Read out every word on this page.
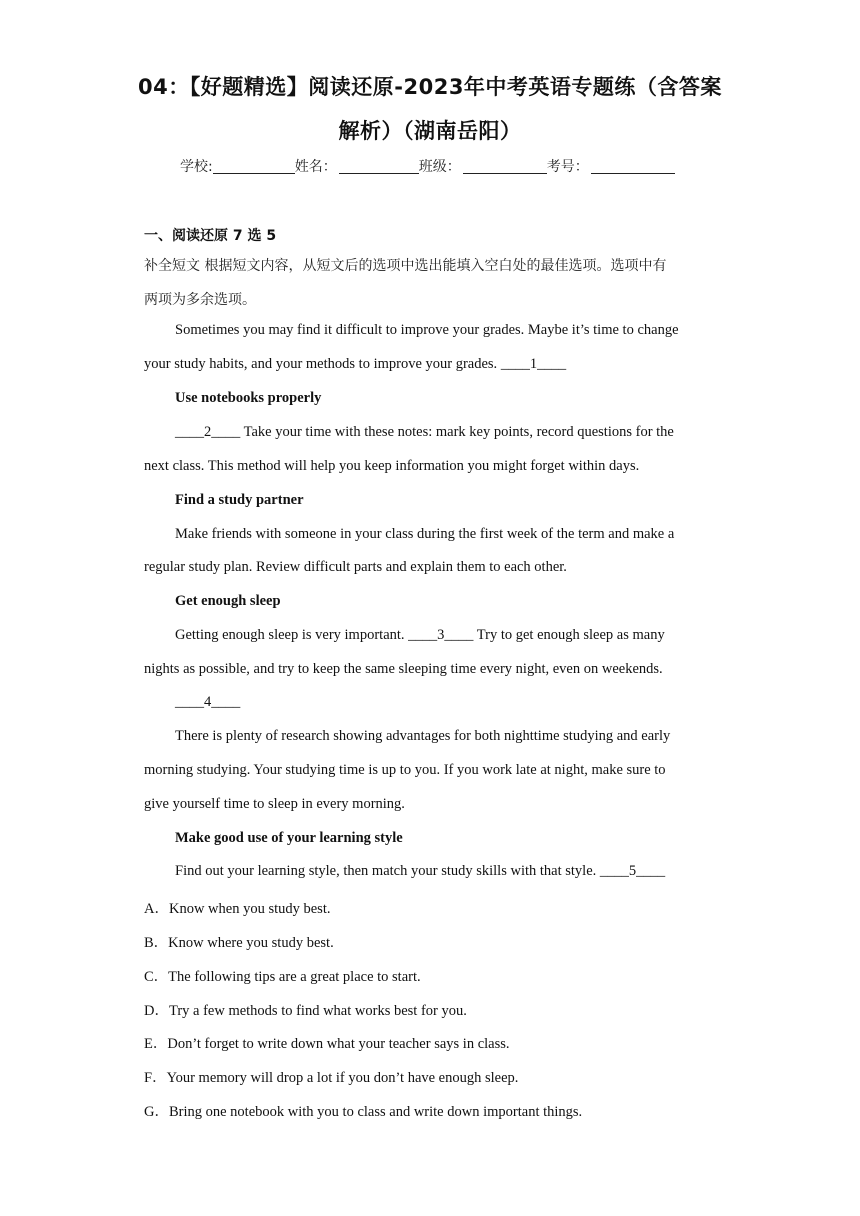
04：【好题精选】阅读还原-2023年中考英语专题练（含答案
解析）（湖南岳阳）
学校:	姓名：	班级：	考号：
一、阅读还原 7 选 5
补全短文 根据短文内容，从短文后的选项中选出能填入空白处的最佳选项。选项中有
两项为多余选项。
Sometimes you may find it difficult to improve your grades. Maybe it’s time to change
your study habits, and your methods to improve your grades. ____1____
Use notebooks properly
____2____ Take your time with these notes: mark key points, record questions for the
next class. This method will help you keep information you might forget within days.
Find a study partner
Make friends with someone in your class during the first week of the term and make a
regular study plan. Review difficult parts and explain them to each other.
Get enough sleep
Getting enough sleep is very important. ____3____ Try to get enough sleep as many
nights as possible, and try to keep the same sleeping time every night, even on weekends.
____4____
There is plenty of research showing advantages for both nighttime studying and early
morning studying. Your studying time is up to you. If you work late at night, make sure to
give yourself time to sleep in every morning.
Make good use of your learning style
Find out your learning style, then match your study skills with that style. ____5____
A．Know when you study best.
B．Know where you study best.
C．The following tips are a great place to start.
D．Try a few methods to find what works best for you.
E．Don’t forget to write down what your teacher says in class.
F．Your memory will drop a lot if you don’t have enough sleep.
G．Bring one notebook with you to class and write down important things.
